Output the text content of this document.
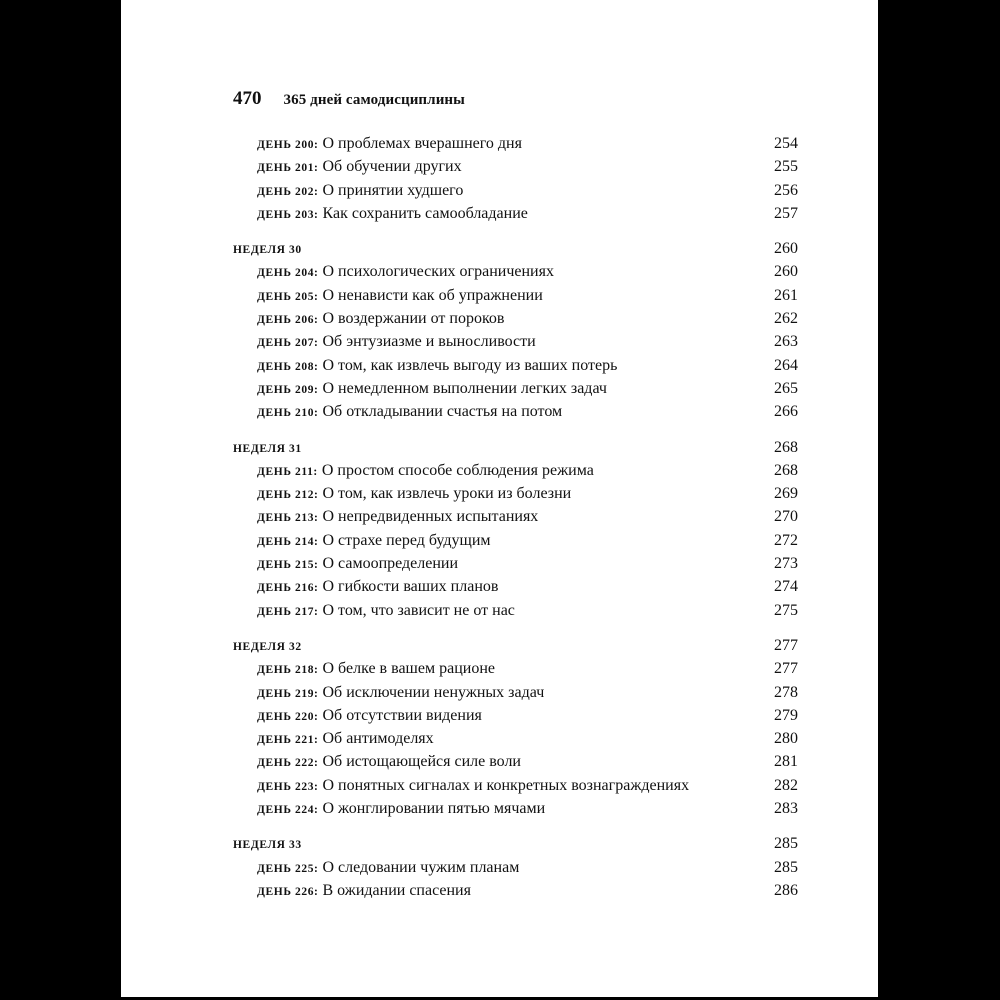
470 365 дней самодисциплины
ДЕНЬ 200: О проблемах вчерашнего дня	254
ДЕНЬ 201: Об обучении других	255
ДЕНЬ 202: О принятии худшего	256
ДЕНЬ 203: Как сохранить самообладание	257
НЕДЕЛЯ 30	260
ДЕНЬ 204: О психологических ограничениях	260
ДЕНЬ 205: О ненависти как об упражнении	261
ДЕНЬ 206: О воздержании от пороков	262
ДЕНЬ 207: Об энтузиазме и выносливости	263
ДЕНЬ 208: О том, как извлечь выгоду из ваших потерь	264
ДЕНЬ 209: О немедленном выполнении легких задач	265
ДЕНЬ 210: Об откладывании счастья на потом	266
НЕДЕЛЯ 31	268
ДЕНЬ 211: О простом способе соблюдения режима	268
ДЕНЬ 212: О том, как извлечь уроки из болезни	269
ДЕНЬ 213: О непредвиденных испытаниях	270
ДЕНЬ 214: О страхе перед будущим	272
ДЕНЬ 215: О самоопределении	273
ДЕНЬ 216: О гибкости ваших планов	274
ДЕНЬ 217: О том, что зависит не от нас	275
НЕДЕЛЯ 32	277
ДЕНЬ 218: О белке в вашем рационе	277
ДЕНЬ 219: Об исключении ненужных задач	278
ДЕНЬ 220: Об отсутствии видения	279
ДЕНЬ 221: Об антимоделях	280
ДЕНЬ 222: Об истощающейся силе воли	281
ДЕНЬ 223: О понятных сигналах и конкретных вознаграждениях	282
ДЕНЬ 224: О жонглировании пятью мячами	283
НЕДЕЛЯ 33	285
ДЕНЬ 225: О следовании чужим планам	285
ДЕНЬ 226: В ожидании спасения	286
